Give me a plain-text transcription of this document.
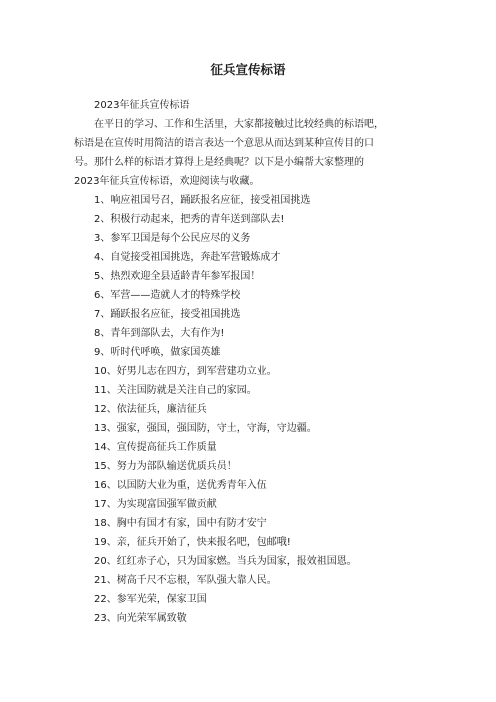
征兵宣传标语
2023年征兵宣传标语
在平日的学习、工作和生活里，大家都接触过比较经典的标语吧，
标语是在宣传时用简洁的语言表达一个意思从而达到某种宣传目的口
号。那什么样的标语才算得上是经典呢？以下是小编帮大家整理的
2023年征兵宣传标语，欢迎阅读与收藏。
1、响应祖国号召，踊跃报名应征，接受祖国挑选
2、积极行动起来，把秀的青年送到部队去!
3、参军卫国是每个公民应尽的义务
4、自觉接受祖国挑选，奔赴军营锻炼成才
5、热烈欢迎全县适龄青年参军报国！
6、军营——造就人才的特殊学校
7、踊跃报名应征，接受祖国挑选
8、青年到部队去，大有作为!
9、听时代呼唤，做家国英雄
10、好男儿志在四方，到军营建功立业。
11、关注国防就是关注自己的家园。
12、依法征兵，廉洁征兵
13、强家，强国，强国防，守土，守海，守边疆。
14、宣传提高征兵工作质量
15、努力为部队输送优质兵员！
16、以国防大业为重，送优秀青年入伍
17、为实现富国强军做贡献
18、胸中有国才有家，国中有防才安宁
19、亲，征兵开始了，快来报名吧，包邮哦!
20、红红赤子心，只为国家燃。当兵为国家，报效祖国恩。
21、树高千尺不忘根，军队强大靠人民。
22、参军光荣，保家卫国
23、向光荣军属致敬
